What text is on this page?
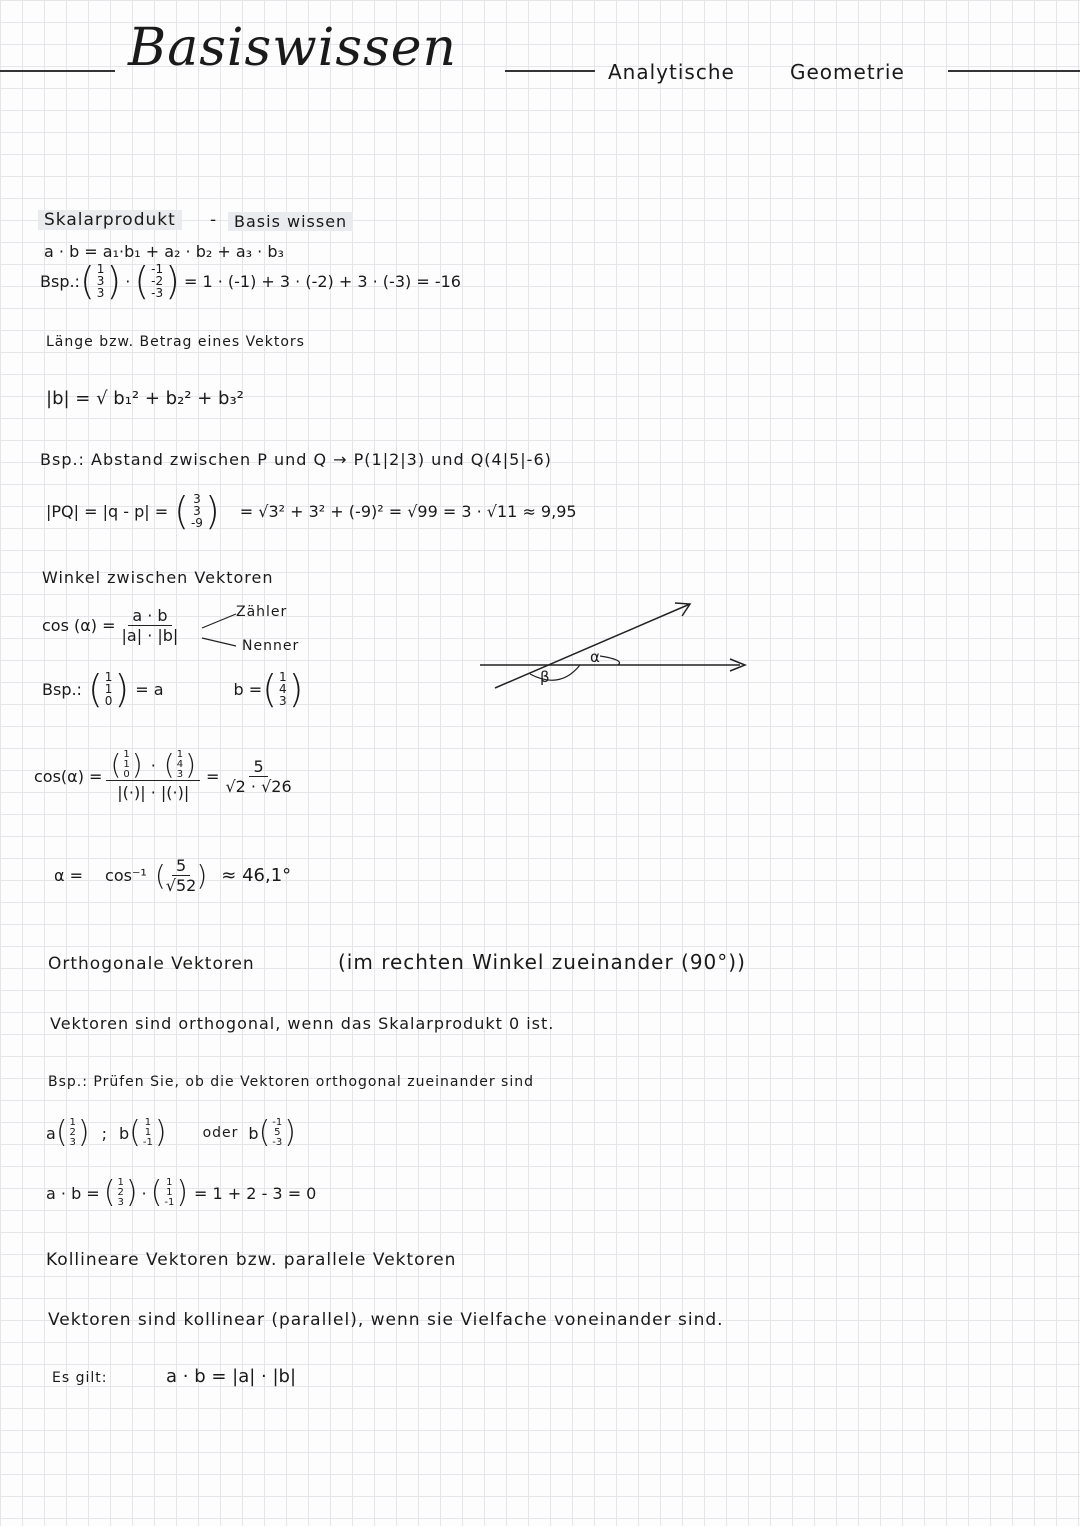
Basiswissen	Analytische	Geometrie
Skalarprodukt	-	Basis wissen
a · b = a₁·b₁ + a₂ · b₂ + a₃ · b₃
Bsp.: ( 1
3
3 ) · ( -1
-2
-3 ) = 1 · (-1) + 3 · (-2) + 3 · (-3) = -16
Länge bzw. Betrag eines Vektors
|b| = √ b₁² + b₂² + b₃²
Bsp.: Abstand zwischen P und Q → P(1|2|3) und Q(4|5|-6)
|PQ| = |q - p| = ( 3
3
-9 ) = √3² + 3² + (-9)² = √99 = 3 · √11 ≈ 9,95
Winkel zwischen Vektoren
$\cos (\alpha) = \frac{a \cdot b}{|a| \cdot |b|}$	Zähler
Nenner
Bsp.: ( 1
1
0 ) = a	b = ( 1
4
3 )
cos(α) = ( 1
1
0 ) · ( 1
4
3 )
|(·)| · |(·)| = $\frac{5}{√2 \cdot √26}$
α = cos⁻¹ ( $\frac{5}{√52}$ ) ≈ 46,1°
β
α
Orthogonale Vektoren	(im rechten Winkel zueinander (90°))
Vektoren sind orthogonal, wenn das Skalarprodukt 0 ist.
Bsp.: Prüfen Sie, ob die Vektoren orthogonal zueinander sind
a ( 1
2
3 ) ; b ( 1
1
-1 )	oder b ( -1
5
-3 )
a · b = ( 1
2
3 ) · ( 1
1
-1 ) = 1 + 2 - 3 = 0
Kollineare Vektoren bzw. parallele Vektoren
Vektoren sind kollinear (parallel), wenn sie Vielfache voneinander sind.
Es gilt:	a · b = |a| · |b|
